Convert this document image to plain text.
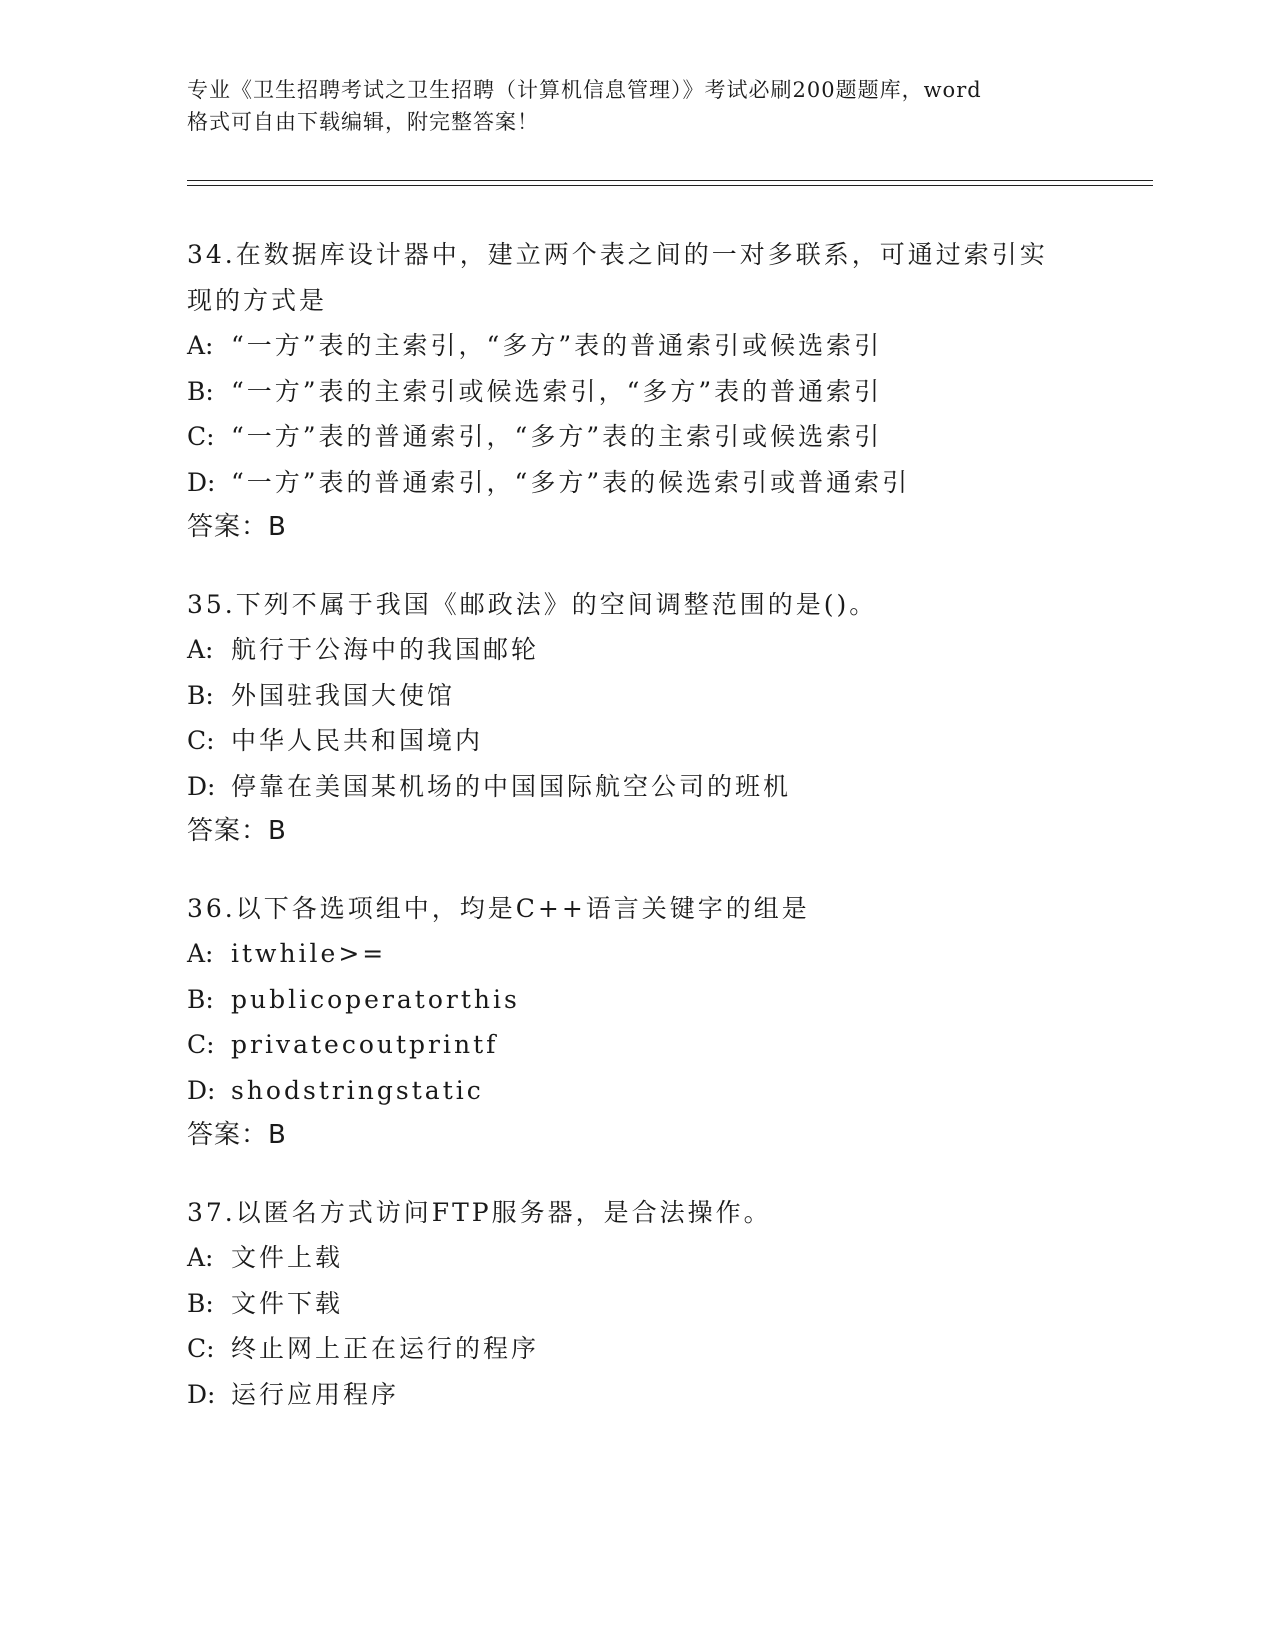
专业《卫生招聘考试之卫生招聘（计算机信息管理）》考试必刷200题题库，word
格式可自由下载编辑，附完整答案！
34.在数据库设计器中，建立两个表之间的一对多联系，可通过索引实
现的方式是
A: “一方”表的主索引，“多方”表的普通索引或候选索引
B: “一方”表的主索引或候选索引，“多方”表的普通索引
C: “一方”表的普通索引，“多方”表的主索引或候选索引
D: “一方”表的普通索引，“多方”表的候选索引或普通索引
答案：B
35.下列不属于我国《邮政法》的空间调整范围的是()。
A: 航行于公海中的我国邮轮
B: 外国驻我国大使馆
C: 中华人民共和国境内
D: 停靠在美国某机场的中国国际航空公司的班机
答案：B
36.以下各选项组中，均是C++语言关键字的组是
A: itwhile>=
B: publicoperatorthis
C: privatecoutprintf
D: shodstringstatic
答案：B
37.以匿名方式访问FTP服务器，是合法操作。
A: 文件上载
B: 文件下载
C: 终止网上正在运行的程序
D: 运行应用程序
